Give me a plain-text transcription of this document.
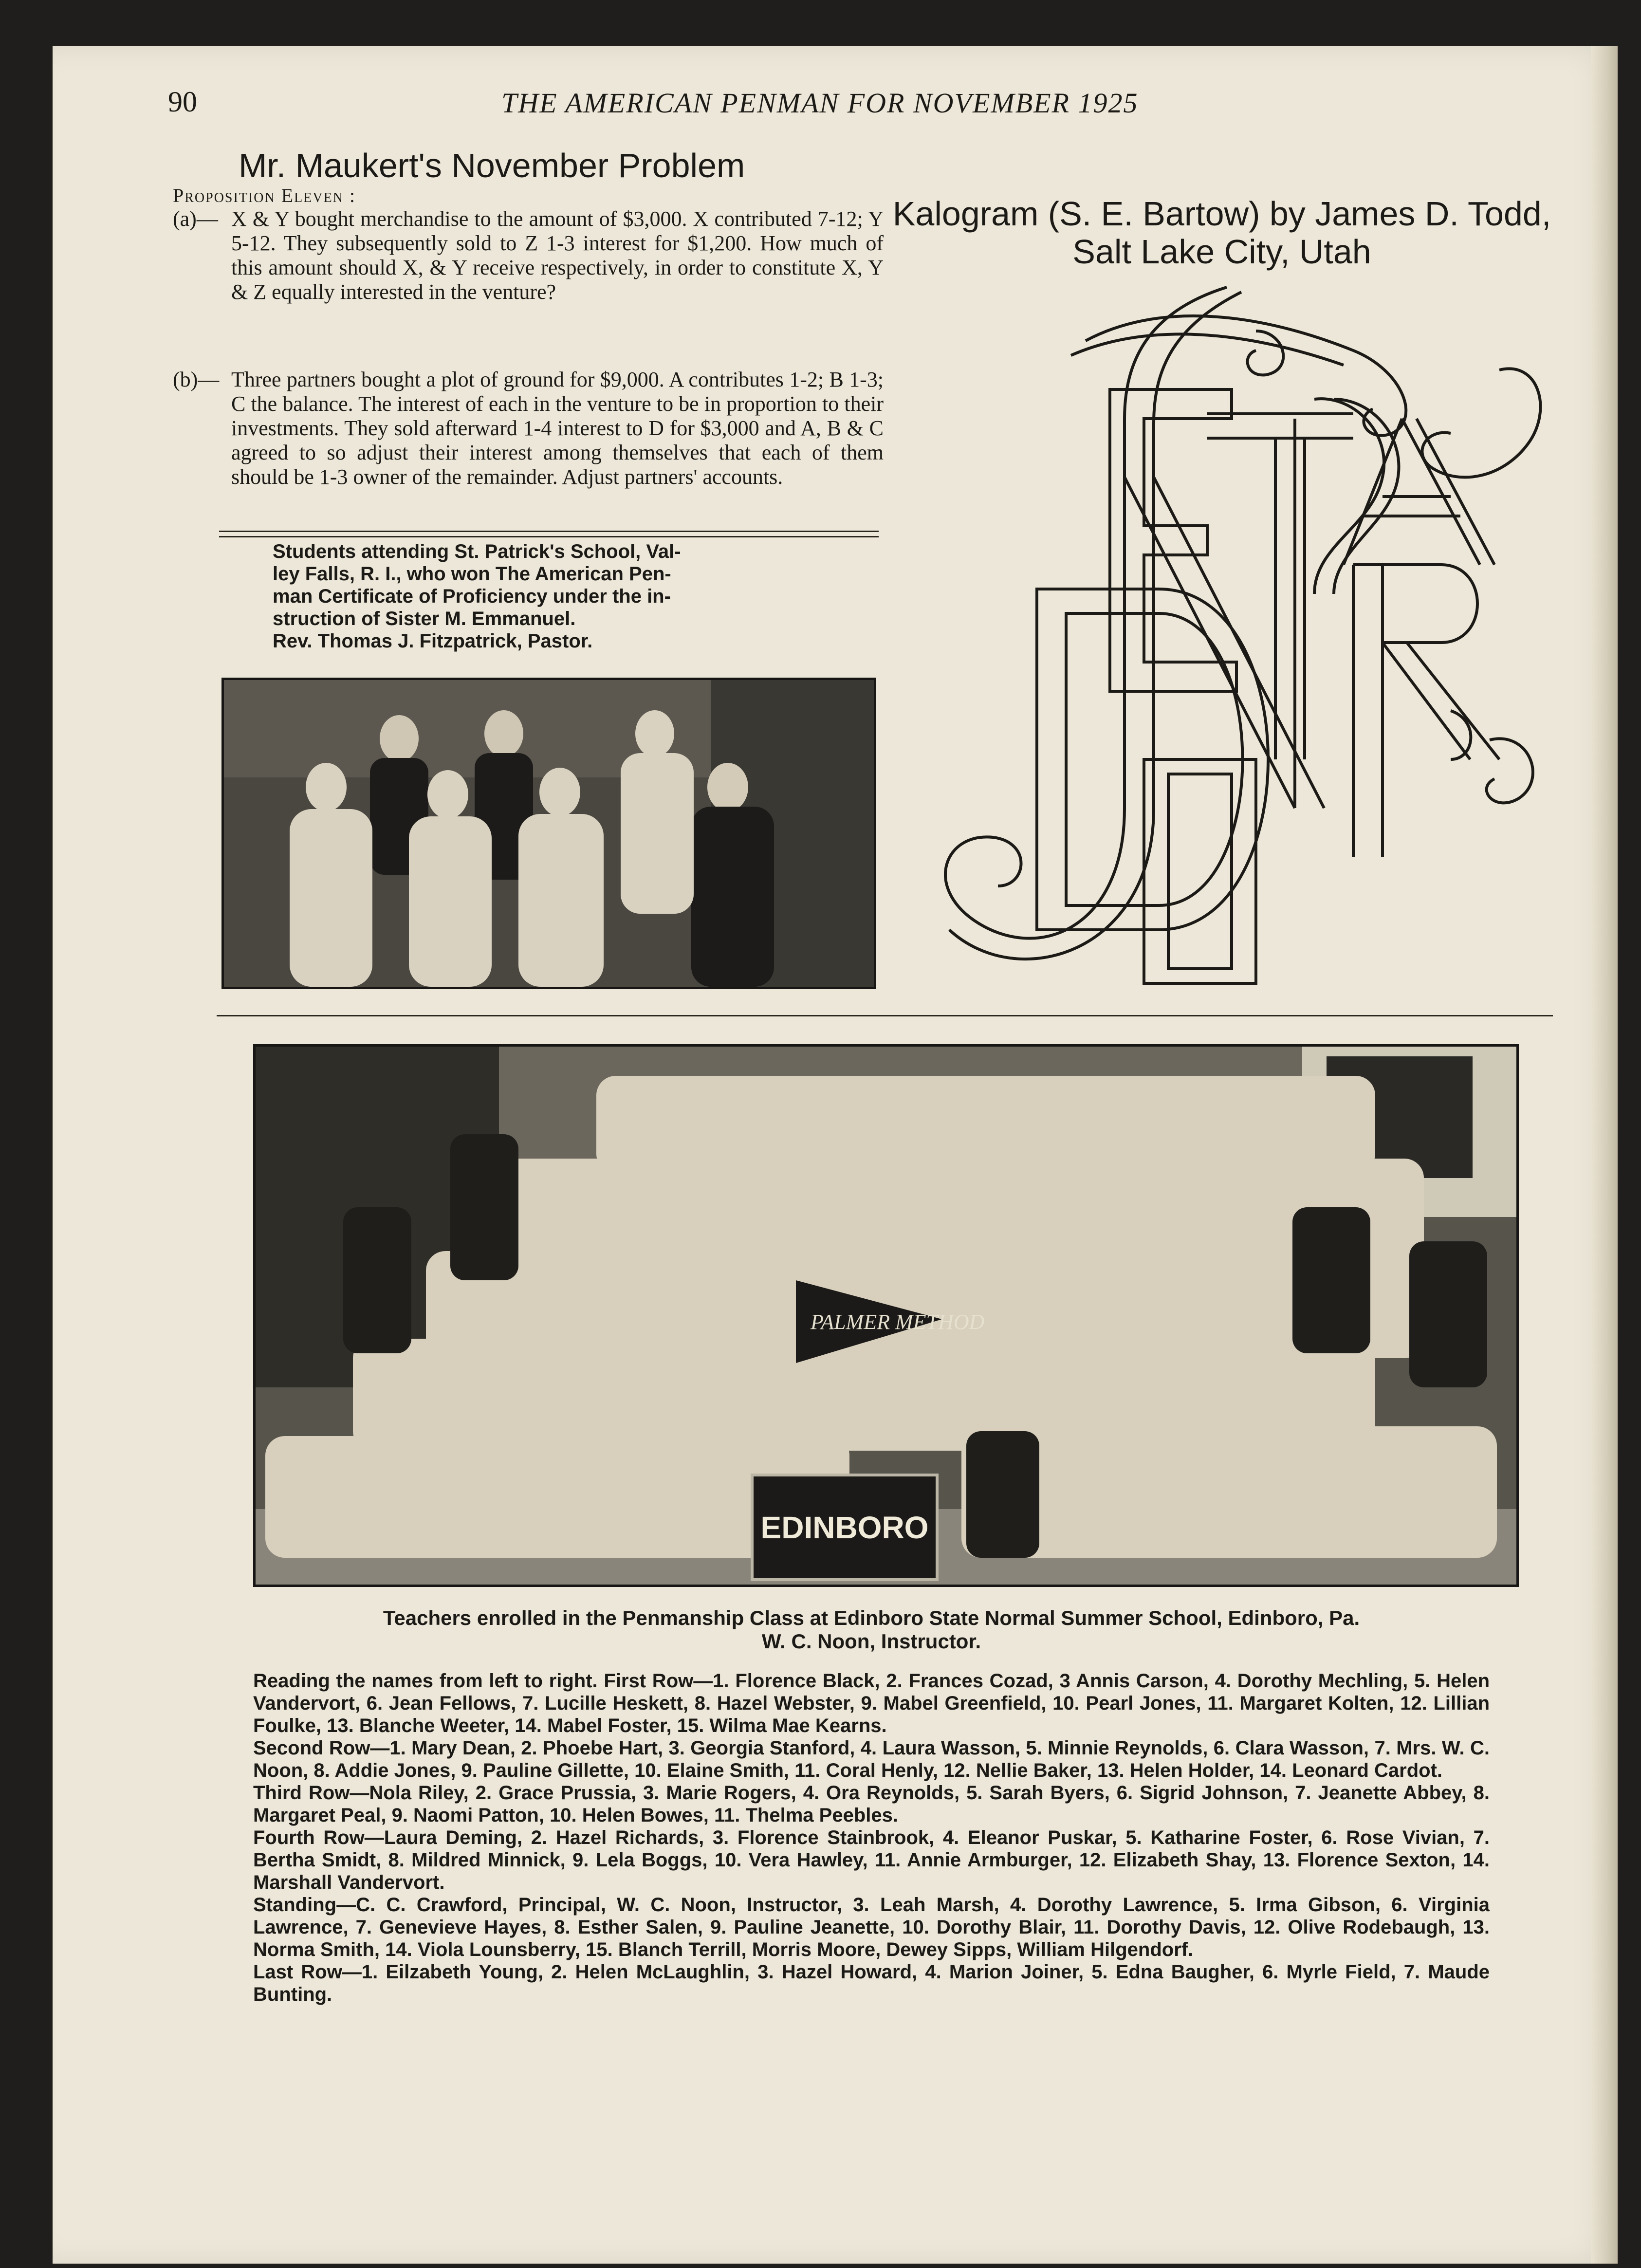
90	THE AMERICAN PENMAN FOR NOVEMBER 1925
Mr. Maukert's November Problem
Proposition Eleven :
(a)— X & Y bought merchandise to the amount of $3,000. X contributed 7-12; Y 5-12. They subsequently sold to Z 1-3 interest for $1,200. How much of this amount should X, & Y receive respectively, in order to constitute X, Y & Z equally interested in the venture?
(b)— Three partners bought a plot of ground for $9,000. A contributes 1-2; B 1-3; C the balance. The interest of each in the venture to be in proportion to their investments. They sold afterward 1-4 interest to D for $3,000 and A, B & C agreed to so adjust their interest among themselves that each of them should be 1-3 owner of the remainder. Adjust partners' accounts.
Students attending St. Patrick's School, Val-
ley Falls, R. I., who won The American Pen-
man Certificate of Proficiency under the in-
struction of Sister M. Emmanuel.
Rev. Thomas J. Fitzpatrick, Pastor.
Kalogram (S. E. Bartow) by James D. Todd,
Salt Lake City, Utah
PALMER METHOD
EDINBORO
Teachers enrolled in the Penmanship Class at Edinboro State Normal Summer School, Edinboro, Pa.
W. C. Noon, Instructor.

Reading the names from left to right. First Row—1. Florence Black, 2. Frances Cozad, 3 Annis Carson, 4. Dorothy Mechling, 5. Helen Vandervort, 6. Jean Fellows, 7. Lucille Heskett, 8. Hazel Webster, 9. Mabel Greenfield, 10. Pearl Jones, 11. Margaret Kolten, 12. Lillian Foulke, 13. Blanche Weeter, 14. Mabel Foster, 15. Wilma Mae Kearns.

Second Row—1. Mary Dean, 2. Phoebe Hart, 3. Georgia Stanford, 4. Laura Wasson, 5. Minnie Reynolds, 6. Clara Wasson, 7. Mrs. W. C. Noon, 8. Addie Jones, 9. Pauline Gillette, 10. Elaine Smith, 11. Coral Henly, 12. Nellie Baker, 13. Helen Holder, 14. Leonard Cardot.

Third Row—Nola Riley, 2. Grace Prussia, 3. Marie Rogers, 4. Ora Reynolds, 5. Sarah Byers, 6. Sigrid Johnson, 7. Jeanette Abbey, 8. Margaret Peal, 9. Naomi Patton, 10. Helen Bowes, 11. Thelma Peebles.

Fourth Row—Laura Deming, 2. Hazel Richards, 3. Florence Stainbrook, 4. Eleanor Puskar, 5. Katharine Foster, 6. Rose Vivian, 7. Bertha Smidt, 8. Mildred Minnick, 9. Lela Boggs, 10. Vera Hawley, 11. Annie Armburger, 12. Elizabeth Shay, 13. Florence Sexton, 14. Marshall Vandervort.

Standing—C. C. Crawford, Principal, W. C. Noon, Instructor, 3. Leah Marsh, 4. Dorothy Lawrence, 5. Irma Gibson, 6. Virginia Lawrence, 7. Genevieve Hayes, 8. Esther Salen, 9. Pauline Jeanette, 10. Dorothy Blair, 11. Dorothy Davis, 12. Olive Rodebaugh, 13. Norma Smith, 14. Viola Lounsberry, 15. Blanch Terrill, Morris Moore, Dewey Sipps, William Hilgendorf.

Last Row—1. Eilzabeth Young, 2. Helen McLaughlin, 3. Hazel Howard, 4. Marion Joiner, 5. Edna Baugher, 6. Myrle Field, 7. Maude Bunting.
